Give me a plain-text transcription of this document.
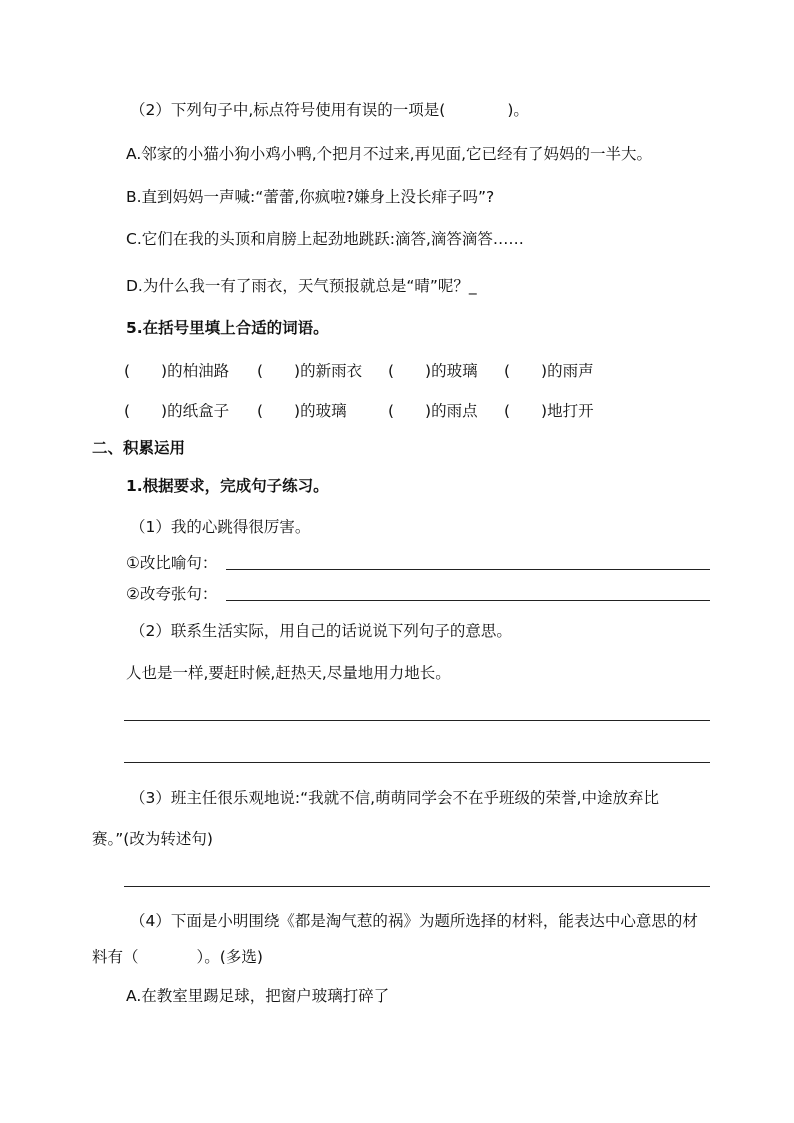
（2）下列句子中,标点符号使用有误的一项是(	)。
A.邻家的小猫小狗小鸡小鸭,个把月不过来,再见面,它已经有了妈妈的一半大。
B.直到妈妈一声喊:“蕾蕾,你疯啦?嫌身上没长痱子吗”?
C.它们在我的头顶和肩膀上起劲地跳跃:滴答,滴答滴答……
D.为什么我一有了雨衣，天气预报就总是“晴”呢？_
5.在括号里填上合适的词语。
(　　)的柏油路 (　　)的新雨衣 (　　)的玻璃 (　　)的雨声
(　　)的纸盒子 (　　)的玻璃	(　　)的雨点 (　　)地打开
二、积累运用
1.根据要求，完成句子练习。
（1）我的心跳得很厉害。
①改比喻句：
②改夸张句：
（2）联系生活实际，用自己的话说说下列句子的意思。
人也是一样,要赶时候,赶热天,尽量地用力地长。
（3）班主任很乐观地说:“我就不信,萌萌同学会不在乎班级的荣誉,中途放弃比
赛。”(改为转述句)
（4）下面是小明围绕《都是淘气惹的祸》为题所选择的材料，能表达中心意思的材
料有（	）。(多选)
A.在教室里踢足球，把窗户玻璃打碎了
